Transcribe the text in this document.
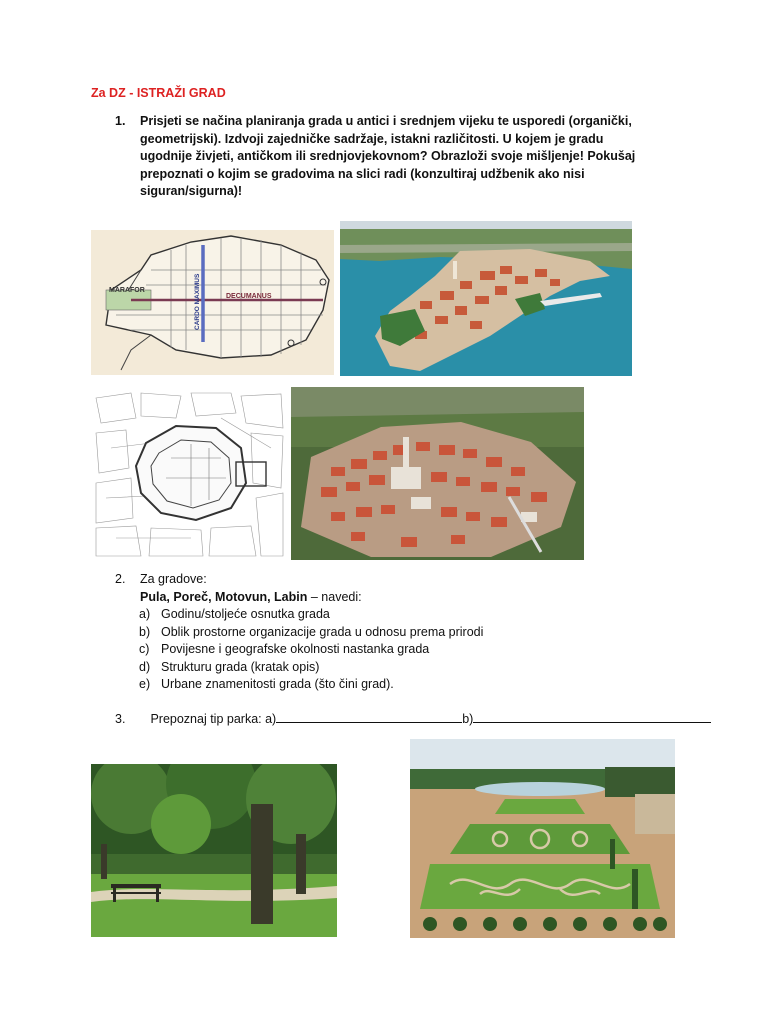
Za DZ - ISTRAŽI GRAD
1. Prisjeti se načina planiranja grada u antici i srednjem vijeku te usporedi (organički, geometrijski). Izdvoji zajedničke sadržaje, istakni različitosti. U kojem je gradu ugodnije živjeti, antičkom ili srednjovjekovnom? Obrazloži svoje mišljenje! Pokušaj prepoznati o kojim se gradovima na slici radi (konzultiraj udžbenik ako nisi siguran/sigurna)!
MARAFOR
DECUMANUS
CARDO MAXIMUS
2. Za gradove:
Pula, Poreč, Motovun, Labin – navedi:
a) Godinu/stoljeće osnutka grada
b) Oblik prostorne organizacije grada u odnosu prema prirodi
c) Povijesne i geografske okolnosti nastanka grada
d) Strukturu grada (kratak opis)
e) Urbane znamenitosti grada (što čini grad).
3. Prepoznaj tip parka: a)	b)
